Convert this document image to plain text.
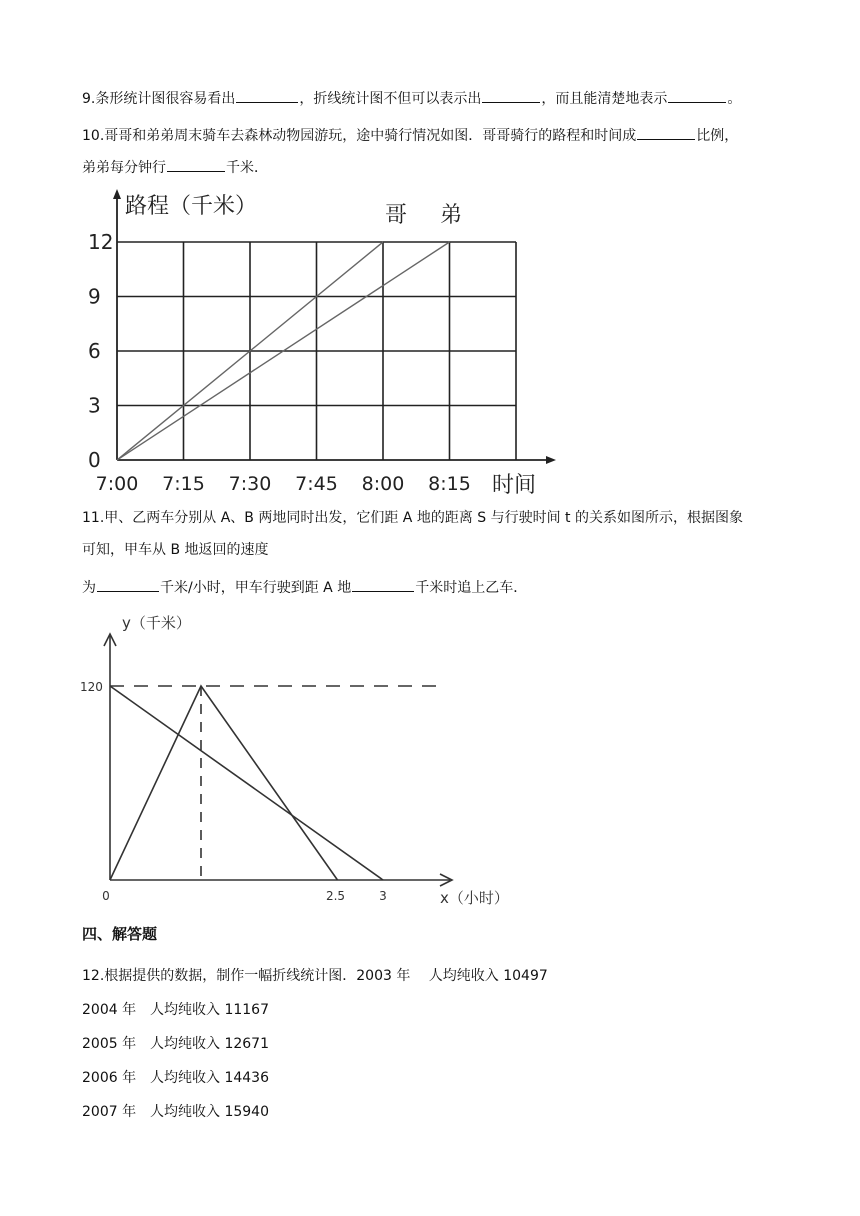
9.条形统计图很容易看出	，折线统计图不但可以表示出	，而且能清楚地表示	。
10.哥哥和弟弟周末骑车去森林动物园游玩，途中骑行情况如图．哥哥骑行的路程和时间成	比例，
弟弟每分钟行	千米．
0
3
6
9
12
7:00 7:15 7:30 7:45 8:00 8:15
路程（千米）
时间
哥 弟
11.甲、乙两车分别从 A、B 两地同时出发，它们距 A 地的距离 S 与行驶时间 t 的关系如图所示，根据图象
可知，甲车从 B 地返回的速度
为	千米/小时，甲车行驶到距 A 地	千米时追上乙车．
y（千米）
x（小时）
120
0	2.5	3
四、解答题
12.根据提供的数据，制作一幅折线统计图．2003 年　 人均纯收入 10497
2004 年 人均纯收入 11167
2005 年 人均纯收入 12671
2006 年 人均纯收入 14436
2007 年 人均纯收入 15940
